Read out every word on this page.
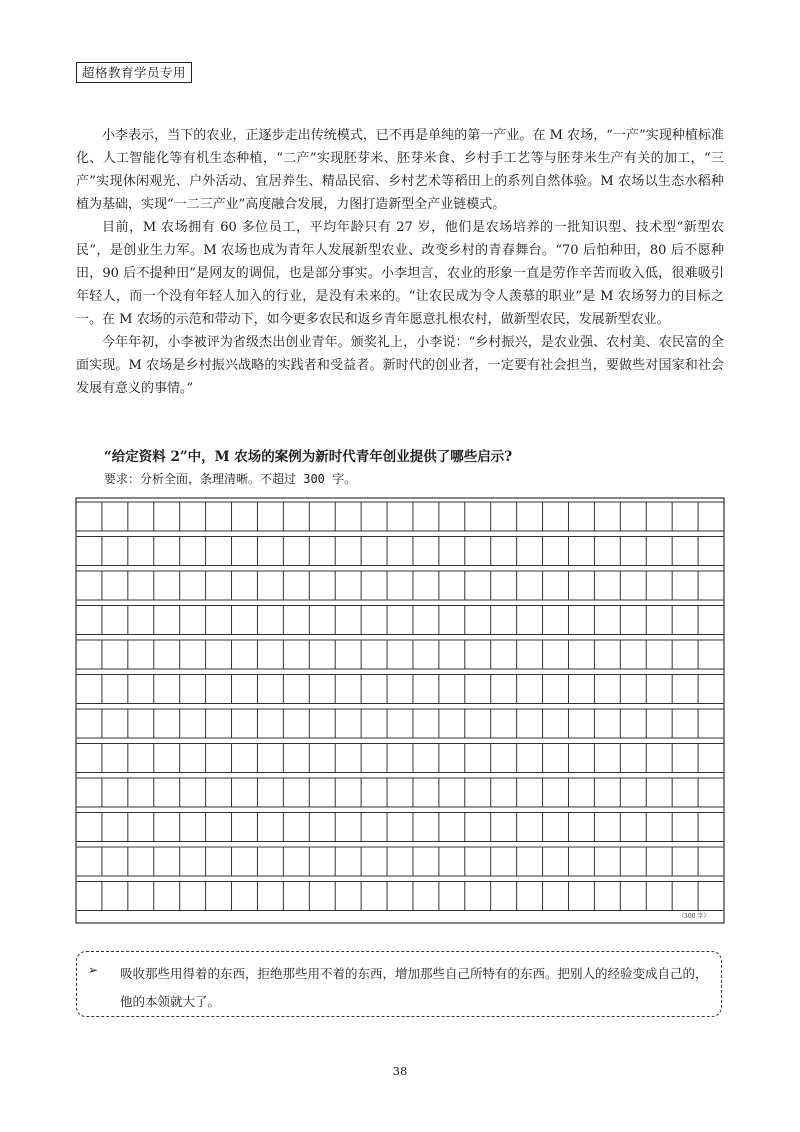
超格教育学员专用

小李表示，当下的农业，正逐步走出传统模式，已不再是单纯的第一产业。在 M 农场，“一产”实现种植标准化、人工智能化等有机生态种植，“二产”实现胚芽米、胚芽米食、乡村手工艺等与胚芽米生产有关的加工，“三产”实现休闲观光、户外活动、宜居养生、精品民宿、乡村艺术等稻田上的系列自然体验。M 农场以生态水稻种植为基础，实现“一二三产业”高度融合发展，力图打造新型全产业链模式。

目前，M 农场拥有 60 多位员工，平均年龄只有 27 岁，他们是农场培养的一批知识型、技术型“新型农民”，是创业生力军。M 农场也成为青年人发展新型农业、改变乡村的青春舞台。“70 后怕种田，80 后不愿种田，90 后不提种田”是网友的调侃，也是部分事实。小李坦言，农业的形象一直是劳作辛苦而收入低，很难吸引年轻人，而一个没有年轻人加入的行业，是没有未来的。“让农民成为令人羡慕的职业”是 M 农场努力的目标之一。在 M 农场的示范和带动下，如今更多农民和返乡青年愿意扎根农村，做新型农民，发展新型农业。

今年年初，小李被评为省级杰出创业青年。颁奖礼上，小李说：“乡村振兴，是农业强、农村美、农民富的全面实现。M 农场是乡村振兴战略的实践者和受益者。新时代的创业者，一定要有社会担当，要做些对国家和社会发展有意义的事情。”

“给定资料 2”中，M 农场的案例为新时代青年创业提供了哪些启示?
要求：分析全面，条理清晰。不超过 300 字。
（300 字）
➢ 吸收那些用得着的东西，拒绝那些用不着的东西，增加那些自己所特有的东西。把别人的经验变成自己的，他的本领就大了。
38
